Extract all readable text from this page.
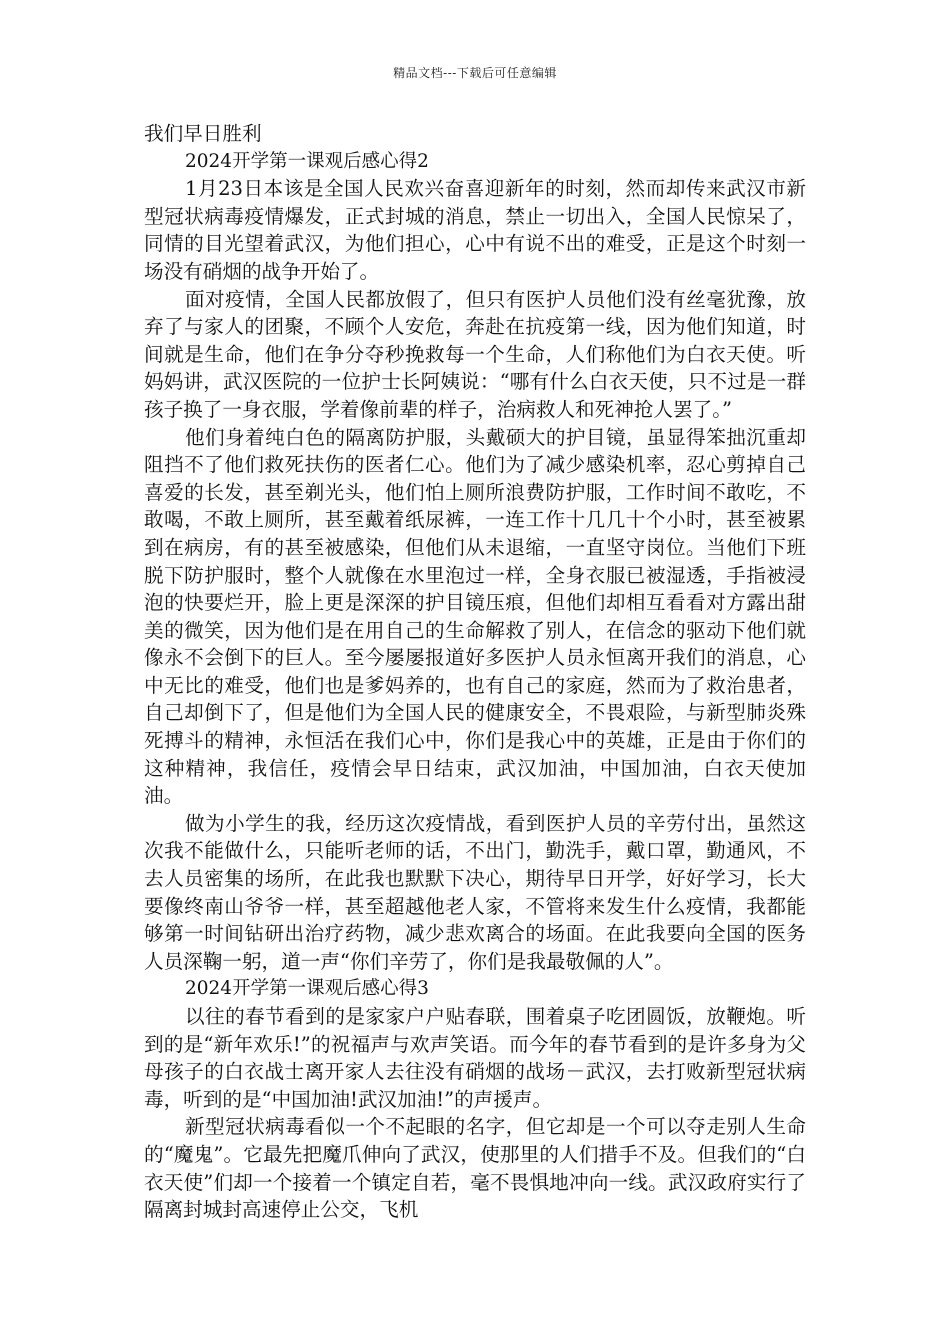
精品文档---下载后可任意编辑

我们早日胜利

2024开学第一课观后感心得2

1月23日本该是全国人民欢兴奋喜迎新年的时刻，然而却传来武汉市新型冠状病毒疫情爆发，正式封城的消息，禁止一切出入，全国人民惊呆了，同情的目光望着武汉，为他们担心，心中有说不出的难受，正是这个时刻一场没有硝烟的战争开始了。

面对疫情，全国人民都放假了，但只有医护人员他们没有丝毫犹豫，放弃了与家人的团聚，不顾个人安危，奔赴在抗疫第一线，因为他们知道，时间就是生命，他们在争分夺秒挽救每一个生命，人们称他们为白衣天使。听妈妈讲，武汉医院的一位护士长阿姨说：“哪有什么白衣天使，只不过是一群孩子换了一身衣服，学着像前辈的样子，治病救人和死神抢人罢了。”

他们身着纯白色的隔离防护服，头戴硕大的护目镜，虽显得笨拙沉重却阻挡不了他们救死扶伤的医者仁心。他们为了减少感染机率，忍心剪掉自己喜爱的长发，甚至剃光头，他们怕上厕所浪费防护服，工作时间不敢吃，不敢喝，不敢上厕所，甚至戴着纸尿裤，一连工作十几几十个小时，甚至被累到在病房，有的甚至被感染，但他们从未退缩，一直坚守岗位。当他们下班脱下防护服时，整个人就像在水里泡过一样，全身衣服已被湿透，手指被浸泡的快要烂开，脸上更是深深的护目镜压痕，但他们却相互看看对方露出甜美的微笑，因为他们是在用自己的生命解救了别人，在信念的驱动下他们就像永不会倒下的巨人。至今屡屡报道好多医护人员永恒离开我们的消息，心中无比的难受，他们也是爹妈养的，也有自己的家庭，然而为了救治患者，自己却倒下了，但是他们为全国人民的健康安全，不畏艰险，与新型肺炎殊死搏斗的精神，永恒活在我们心中，你们是我心中的英雄，正是由于你们的这种精神，我信任，疫情会早日结束，武汉加油，中国加油，白衣天使加油。

做为小学生的我，经历这次疫情战，看到医护人员的辛劳付出，虽然这次我不能做什么，只能听老师的话，不出门，勤洗手，戴口罩，勤通风，不去人员密集的场所，在此我也默默下决心，期待早日开学，好好学习，长大要像终南山爷爷一样，甚至超越他老人家，不管将来发生什么疫情，我都能够第一时间钻研出治疗药物，减少悲欢离合的场面。在此我要向全国的医务人员深鞠一躬，道一声“你们辛劳了，你们是我最敬佩的人”。

2024开学第一课观后感心得3

以往的春节看到的是家家户户贴春联，围着桌子吃团圆饭，放鞭炮。听到的是“新年欢乐!”的祝福声与欢声笑语。而今年的春节看到的是许多身为父母孩子的白衣战士离开家人去往没有硝烟的战场－武汉，去打败新型冠状病毒，听到的是“中国加油!武汉加油!”的声援声。

新型冠状病毒看似一个不起眼的名字，但它却是一个可以夺走别人生命的“魔鬼”。它最先把魔爪伸向了武汉，使那里的人们措手不及。但我们的“白衣天使”们却一个接着一个镇定自若，毫不畏惧地冲向一线。武汉政府实行了隔离封城封高速停止公交，飞机
